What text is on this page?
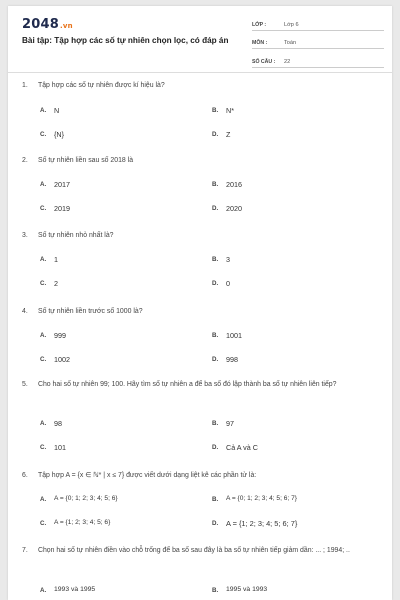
2048.vn
Bài tập: Tập hợp các số tự nhiên chọn lọc, có đáp án
LỚP :	Lớp 6
MÔN :	Toán
SỐ CÂU :	22
1.	Tập hợp các số tự nhiên được kí hiệu là?
A.	N	B.	N*
C.	{N}	D.	Z
2.	Số tự nhiên liền sau số 2018 là
A.	2017	B.	2016
C.	2019	D.	2020
3.	Số tự nhiên nhỏ nhất là?
A.	1	B.	3
C.	2	D.	0
4.	Số tự nhiên liền trước số 1000 là?
A.	999	B.	1001
C.	1002	D.	998
5.	Cho hai số tự nhiên 99; 100. Hãy tìm số tự nhiên a để ba số đó lập thành ba số tự nhiên liên tiếp?
A.	98	B.	97
C.	101	D.	Cả A và C
6.	Tập hợp A = {x ∈ ℕ* | x ≤ 7} được viết dưới dạng liệt kê các phần tử là:
A.	A = {0; 1; 2; 3; 4; 5; 6}	B.	A = {0; 1; 2; 3; 4; 5; 6; 7}
C.	A = {1; 2; 3; 4; 5; 6}	D.	A = {1; 2; 3; 4; 5; 6; 7}
7.	Chọn hai số tự nhiên điền vào chỗ trống để ba số sau đây là ba số tự nhiên tiếp giảm dần: ... ; 1994; ..
A.	1993 và 1995	B.	1995 và 1993
